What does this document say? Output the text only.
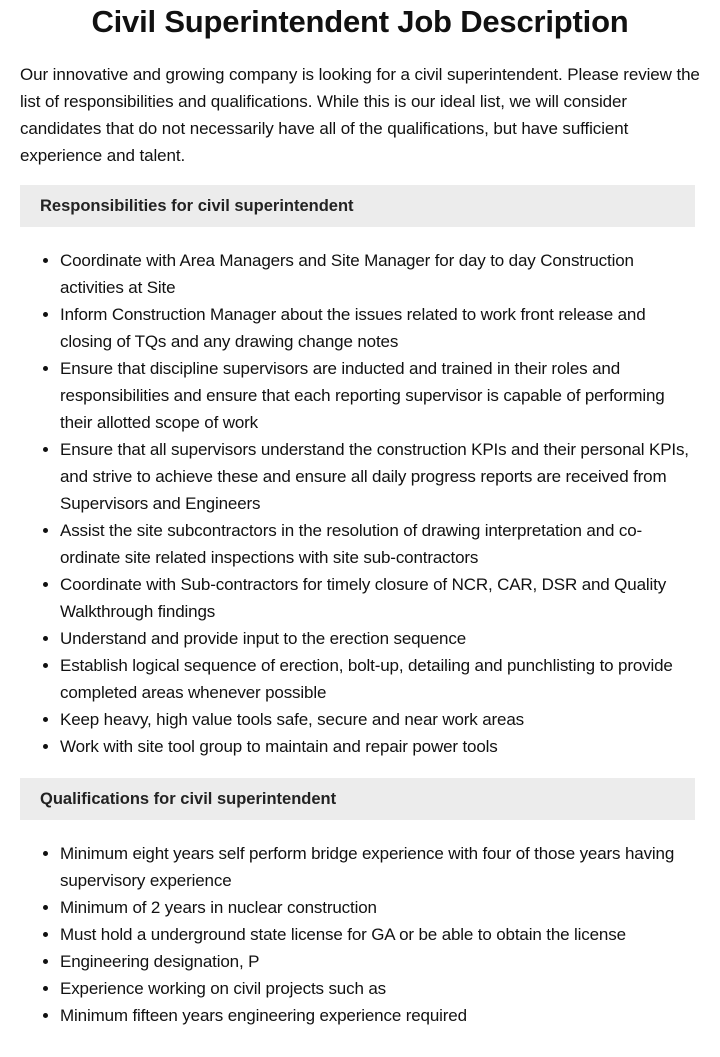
Civil Superintendent Job Description

Our innovative and growing company is looking for a civil superintendent. Please review the list of responsibilities and qualifications. While this is our ideal list, we will consider candidates that do not necessarily have all of the qualifications, but have sufficient experience and talent.

Responsibilities for civil superintendent
• Coordinate with Area Managers and Site Manager for day to day Construction activities at Site
• Inform Construction Manager about the issues related to work front release and closing of TQs and any drawing change notes
• Ensure that discipline supervisors are inducted and trained in their roles and responsibilities and ensure that each reporting supervisor is capable of performing their allotted scope of work
• Ensure that all supervisors understand the construction KPIs and their personal KPIs, and strive to achieve these and ensure all daily progress reports are received from Supervisors and Engineers
• Assist the site subcontractors in the resolution of drawing interpretation and co-ordinate site related inspections with site sub-contractors
• Coordinate with Sub-contractors for timely closure of NCR, CAR, DSR and Quality Walkthrough findings
• Understand and provide input to the erection sequence
• Establish logical sequence of erection, bolt-up, detailing and punchlisting to provide completed areas whenever possible
• Keep heavy, high value tools safe, secure and near work areas
• Work with site tool group to maintain and repair power tools
Qualifications for civil superintendent
• Minimum eight years self perform bridge experience with four of those years having supervisory experience
• Minimum of 2 years in nuclear construction
• Must hold a underground state license for GA or be able to obtain the license
• Engineering designation, P
• Experience working on civil projects such as
• Minimum fifteen years engineering experience required
